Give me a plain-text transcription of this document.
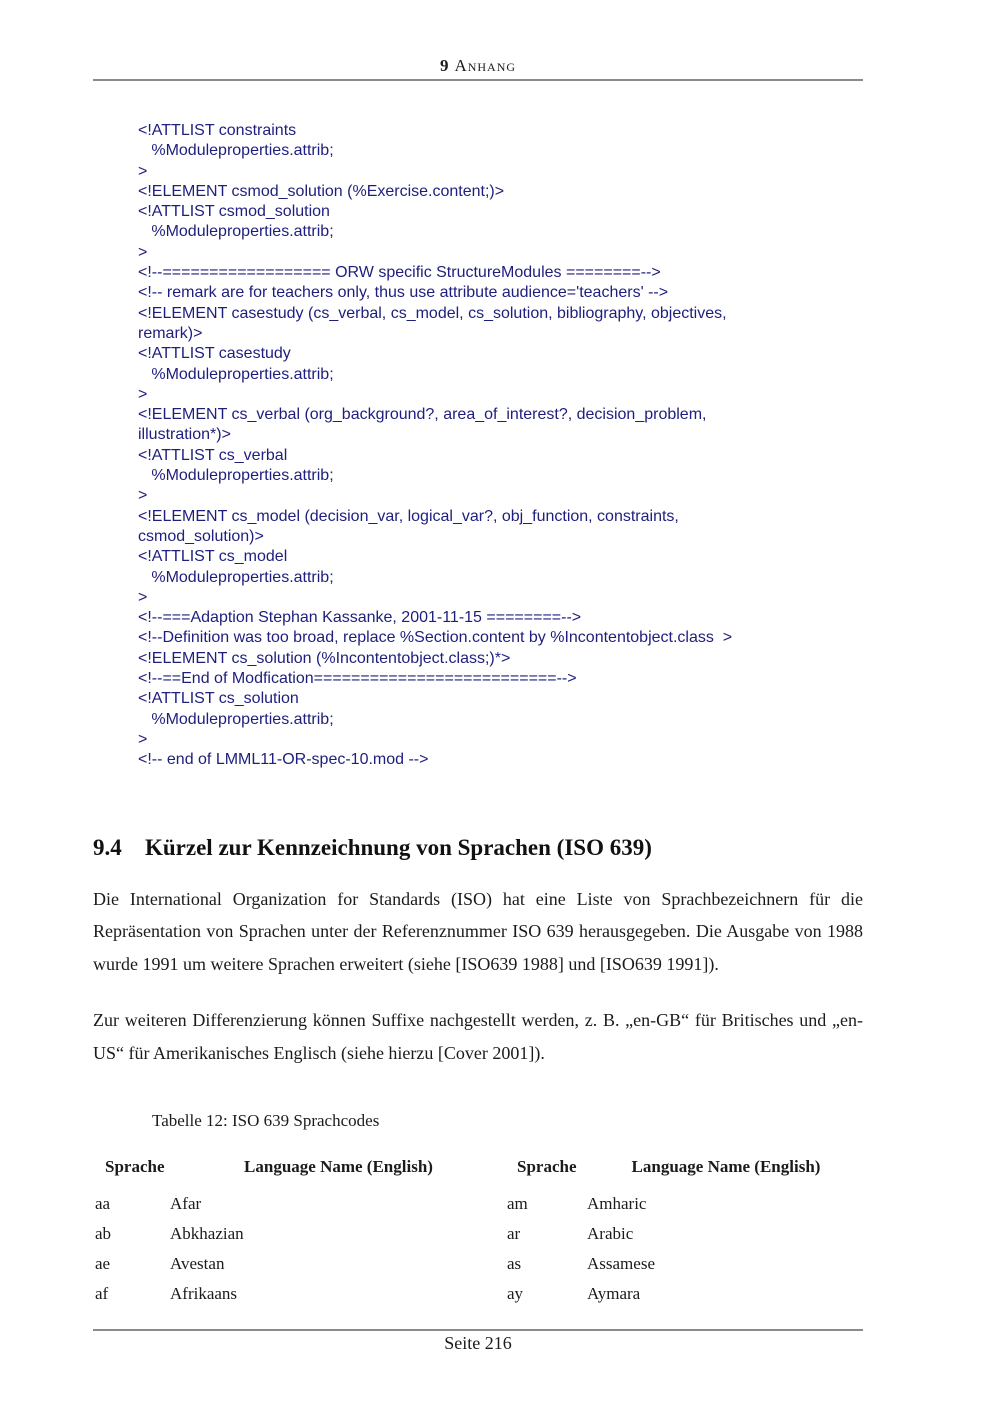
9 Anhang
<!ATTLIST constraints
%Moduleproperties.attrib;
>
<!ELEMENT csmod_solution (%Exercise.content;)>
<!ATTLIST csmod_solution
%Moduleproperties.attrib;
>
<!--================== ORW specific StructureModules ========-->
<!-- remark are for teachers only, thus use attribute audience='teachers' -->
<!ELEMENT casestudy (cs_verbal, cs_model, cs_solution, bibliography, objectives,
remark)>
<!ATTLIST casestudy
%Moduleproperties.attrib;
>
<!ELEMENT cs_verbal (org_background?, area_of_interest?, decision_problem,
illustration*)>
<!ATTLIST cs_verbal
%Moduleproperties.attrib;
>
<!ELEMENT cs_model (decision_var, logical_var?, obj_function, constraints,
csmod_solution)>
<!ATTLIST cs_model
%Moduleproperties.attrib;
>
<!--===Adaption Stephan Kassanke, 2001-11-15 ========-->
<!--Definition was too broad, replace %Section.content by %Incontentobject.class  >
<!ELEMENT cs_solution (%Incontentobject.class;)*>
<!--==End of Modfication==========================-->
<!ATTLIST cs_solution
%Moduleproperties.attrib;
>
<!-- end of LMML11-OR-spec-10.mod -->
9.4 Kürzel zur Kennzeichnung von Sprachen (ISO 639)

Die International Organization for Standards (ISO) hat eine Liste von Sprachbezeichnern für die Repräsentation von Sprachen unter der Referenznummer ISO 639 herausgegeben. Die Ausgabe von 1988 wurde 1991 um weitere Sprachen erweitert (siehe [ISO639 1988] und [ISO639 1991]).

Zur weiteren Differenzierung können Suffixe nachgestellt werden, z. B. „en-GB“ für Britisches und „en-US“ für Amerikanisches Englisch (siehe hierzu [Cover 2001]).

Tabelle 12: ISO 639 Sprachcodes
Sprache	Language Name (English)	Sprache	Language Name (English)
aa	Afar	am	Amharic
ab	Abkhazian	ar	Arabic
ae	Avestan	as	Assamese
af	Afrikaans	ay	Aymara
Seite 216
